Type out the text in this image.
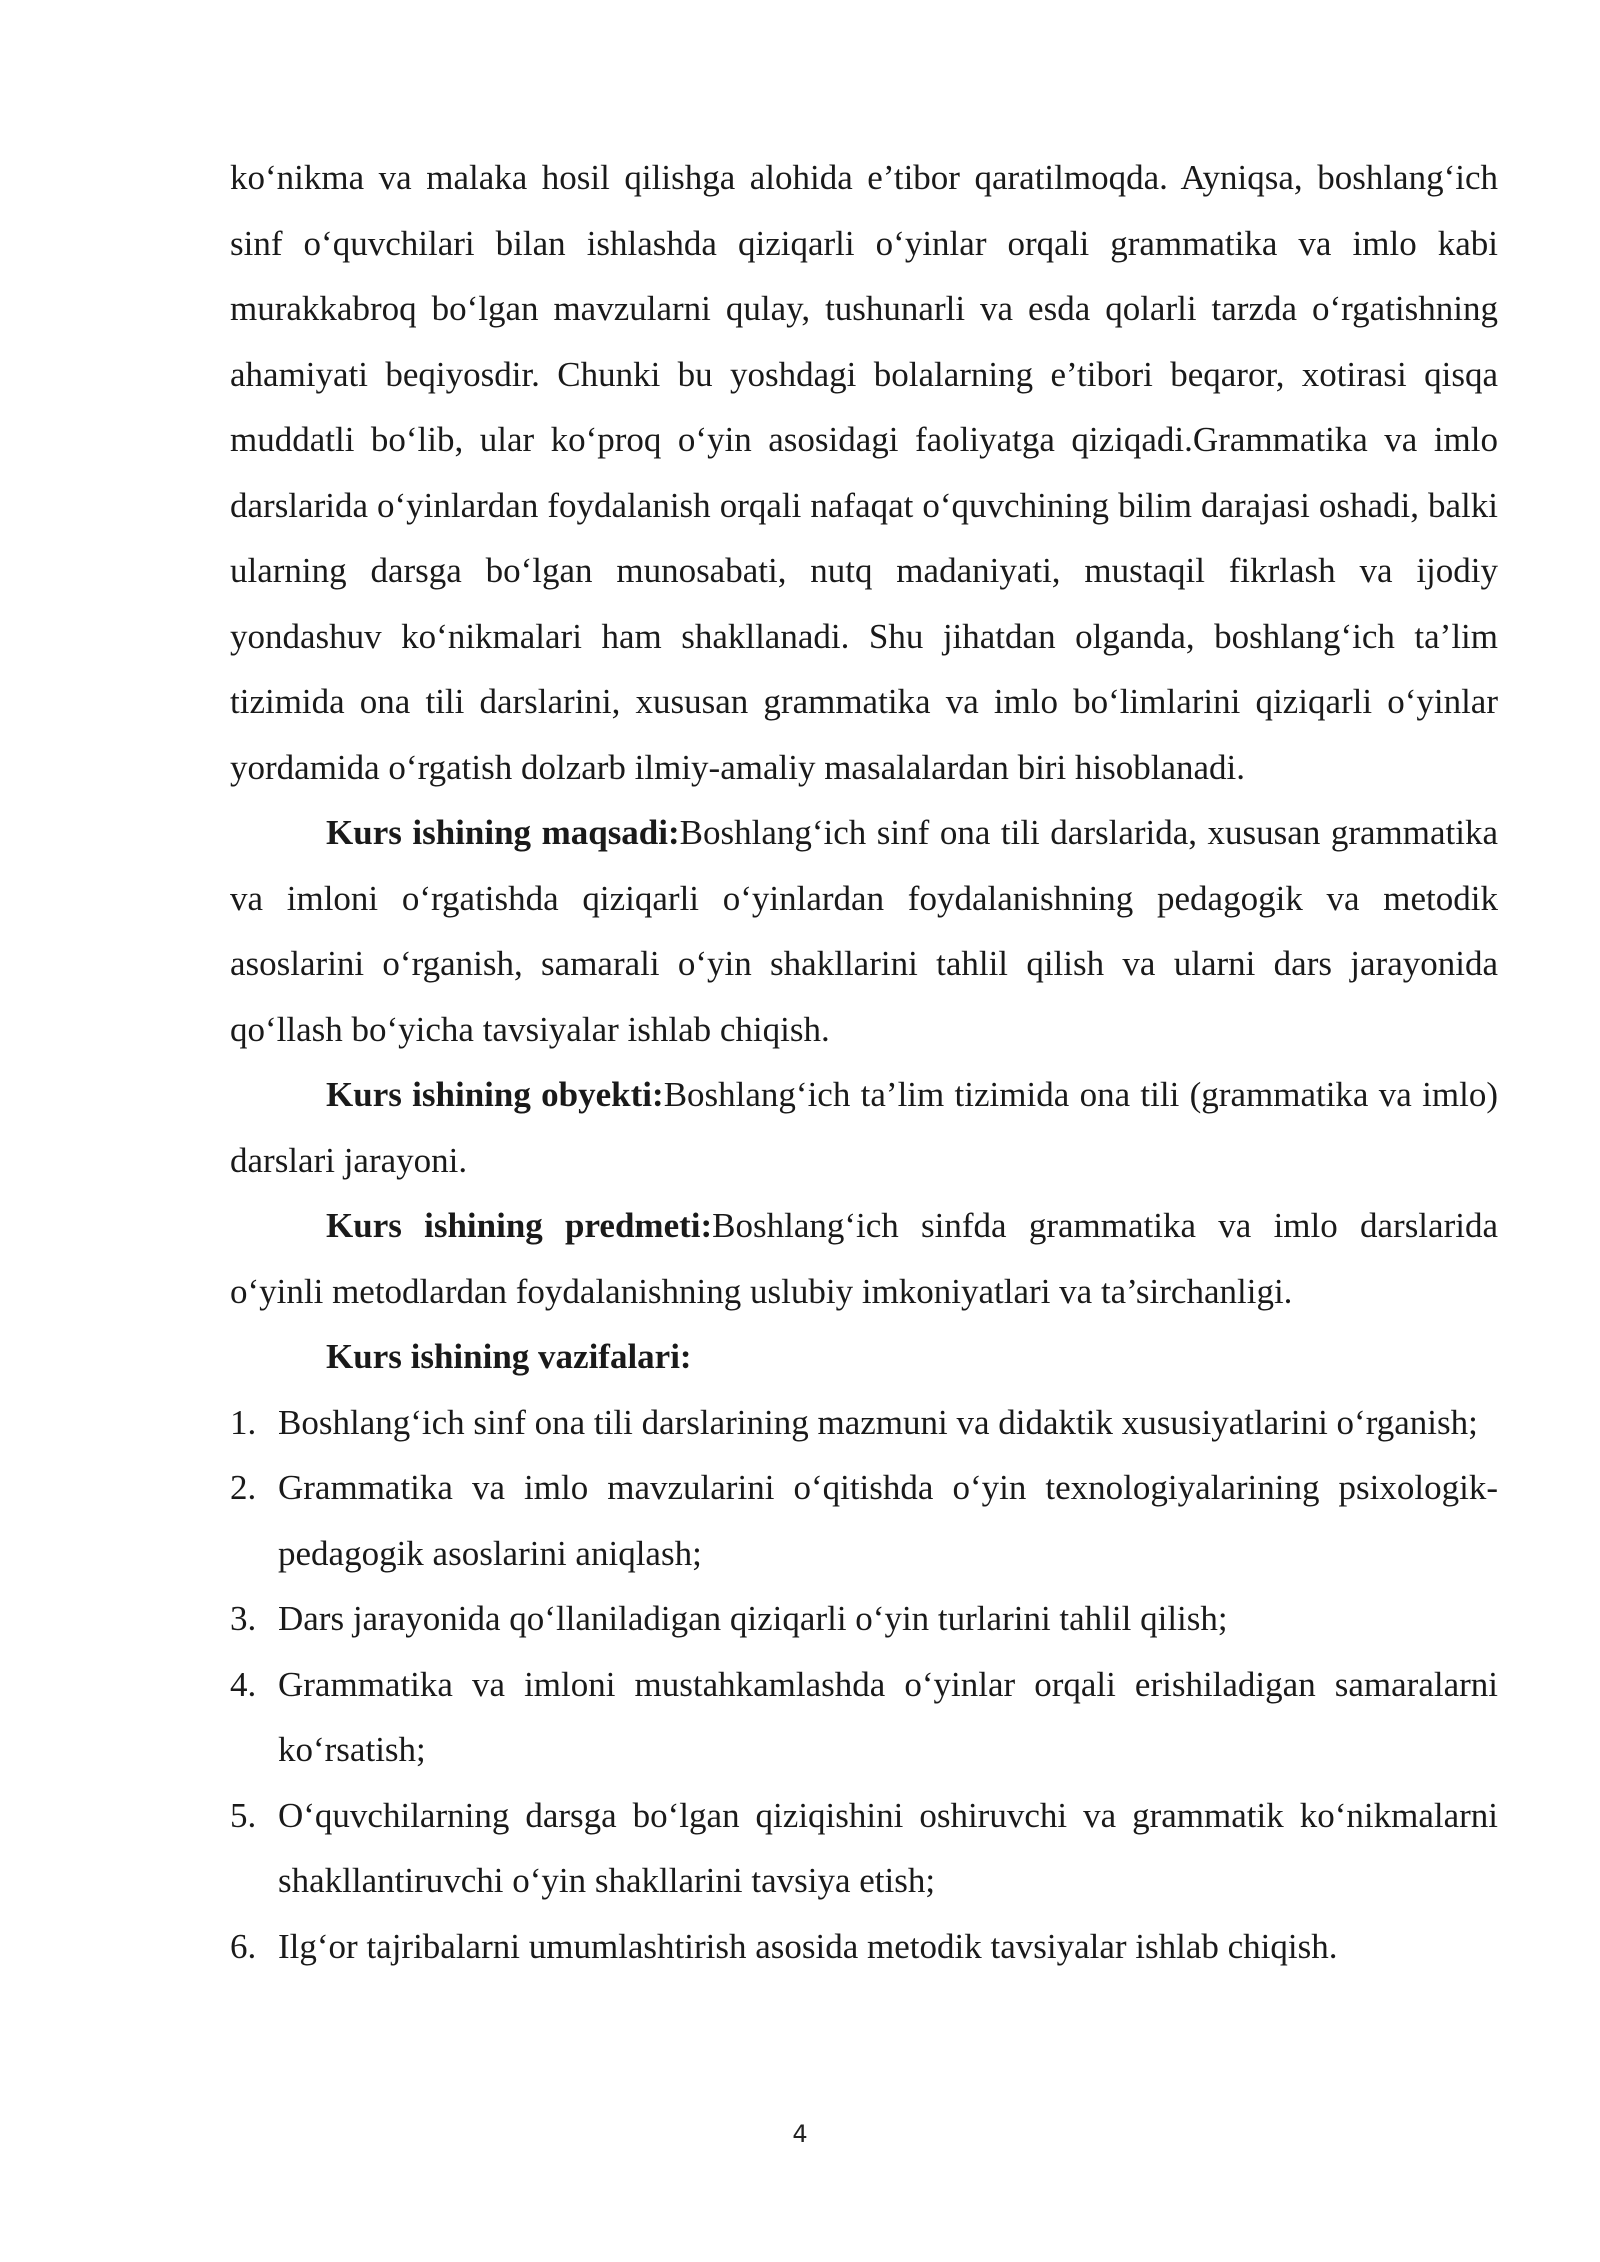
ko‘nikma va malaka hosil qilishga alohida e’tibor qaratilmoqda. Ayniqsa, boshlang‘ich sinf o‘quvchilari bilan ishlashda qiziqarli o‘yinlar orqali grammatika va imlo kabi murakkabroq bo‘lgan mavzularni qulay, tushunarli va esda qolarli tarzda o‘rgatishning ahamiyati beqiyosdir. Chunki bu yoshdagi bolalarning e’tibori beqaror, xotirasi qisqa muddatli bo‘lib, ular ko‘proq o‘yin asosidagi faoliyatga qiziqadi.Grammatika va imlo darslarida o‘yinlardan foydalanish orqali nafaqat o‘quvchining bilim darajasi oshadi, balki ularning darsga bo‘lgan munosabati, nutq madaniyati, mustaqil fikrlash va ijodiy yondashuv ko‘nikmalari ham shakllanadi. Shu jihatdan olganda, boshlang‘ich ta’lim tizimida ona tili darslarini, xususan grammatika va imlo bo‘limlarini qiziqarli o‘yinlar yordamida o‘rgatish dolzarb ilmiy-amaliy masalalardan biri hisoblanadi.

Kurs ishining maqsadi:Boshlang‘ich sinf ona tili darslarida, xususan grammatika va imloni o‘rgatishda qiziqarli o‘yinlardan foydalanishning pedagogik va metodik asoslarini o‘rganish, samarali o‘yin shakllarini tahlil qilish va ularni dars jarayonida qo‘llash bo‘yicha tavsiyalar ishlab chiqish.

Kurs ishining obyekti:Boshlang‘ich ta’lim tizimida ona tili (grammatika va imlo) darslari jarayoni.

Kurs ishining predmeti:Boshlang‘ich sinfda grammatika va imlo darslarida o‘yinli metodlardan foydalanishning uslubiy imkoniyatlari va ta’sirchanligi.

Kurs ishining vazifalari:

1. Boshlang‘ich sinf ona tili darslarining mazmuni va didaktik xususiyatlarini o‘rganish;
2. Grammatika va imlo mavzularini o‘qitishda o‘yin texnologiyalarining psixologik-pedagogik asoslarini aniqlash;
3. Dars jarayonida qo‘llaniladigan qiziqarli o‘yin turlarini tahlil qilish;
4. Grammatika va imloni mustahkamlashda o‘yinlar orqali erishiladigan samaralarni ko‘rsatish;
5. O‘quvchilarning darsga bo‘lgan qiziqishini oshiruvchi va grammatik ko‘nikmalarni shakllantiruvchi o‘yin shakllarini tavsiya etish;
6. Ilg‘or tajribalarni umumlashtirish asosida metodik tavsiyalar ishlab chiqish.
4
